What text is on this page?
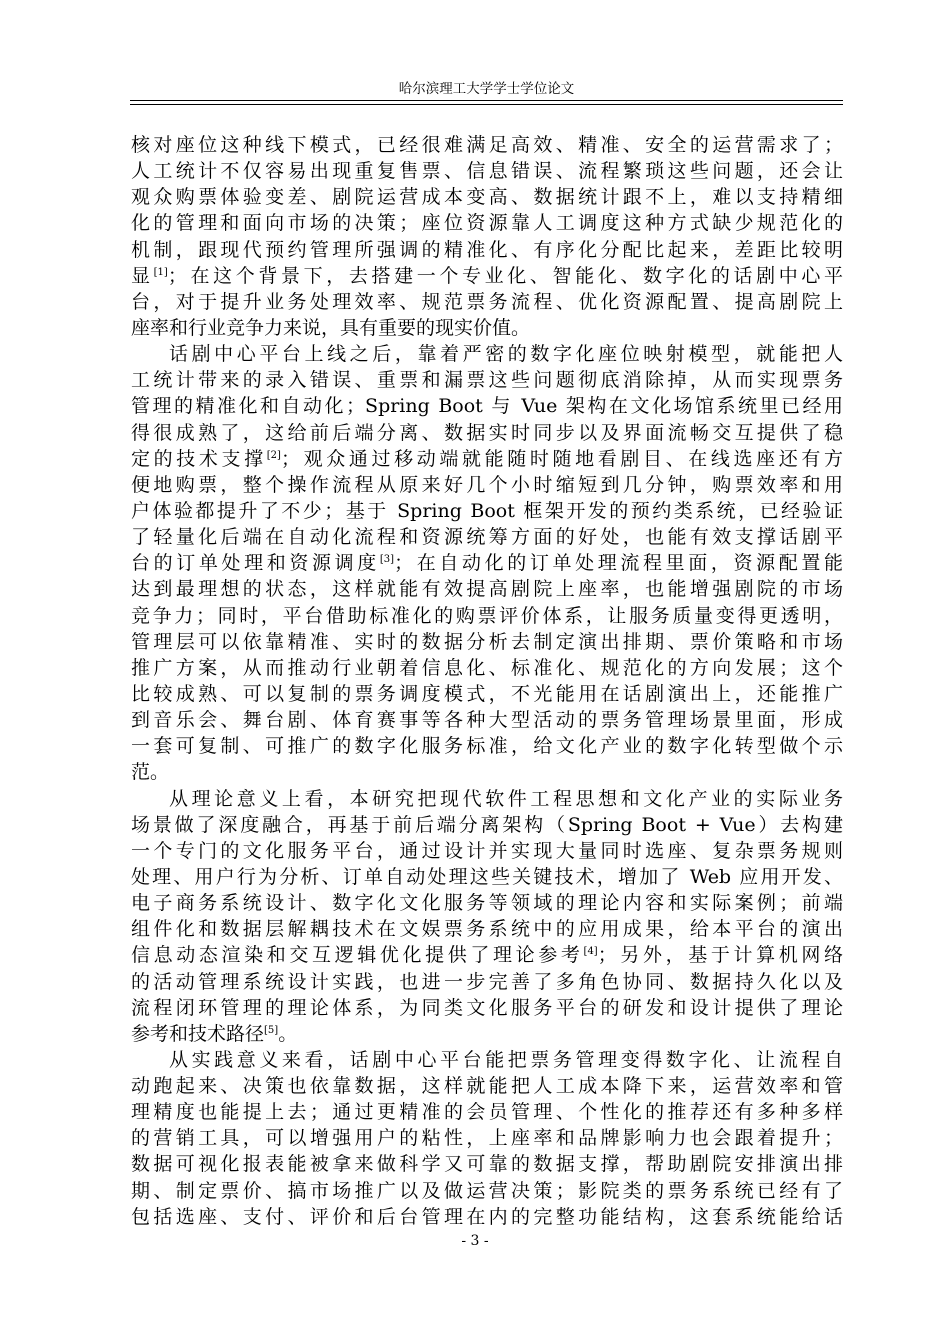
哈尔滨理工大学学士学位论文
核对座位这种线下模式，已经很难满足高效、精准、安全的运营需求了；
人工统计不仅容易出现重复售票、信息错误、流程繁琐这些问题，还会让
观众购票体验变差、剧院运营成本变高、数据统计跟不上，难以支持精细
化的管理和面向市场的决策；座位资源靠人工调度这种方式缺少规范化的
机制，跟现代预约管理所强调的精准化、有序化分配比起来，差距比较明
显[1]；在这个背景下，去搭建一个专业化、智能化、数字化的话剧中心平
台，对于提升业务处理效率、规范票务流程、优化资源配置、提高剧院上
座率和行业竞争力来说，具有重要的现实价值。
话剧中心平台上线之后，靠着严密的数字化座位映射模型，就能把人
工统计带来的录入错误、重票和漏票这些问题彻底消除掉，从而实现票务
管理的精准化和自动化；Spring Boot 与 Vue 架构在文化场馆系统里已经用
得很成熟了，这给前后端分离、数据实时同步以及界面流畅交互提供了稳
定的技术支撑[2]；观众通过移动端就能随时随地看剧目、在线选座还有方
便地购票，整个操作流程从原来好几个小时缩短到几分钟，购票效率和用
户体验都提升了不少；基于 Spring Boot 框架开发的预约类系统，已经验证
了轻量化后端在自动化流程和资源统筹方面的好处，也能有效支撑话剧平
台的订单处理和资源调度[3]；在自动化的订单处理流程里面，资源配置能
达到最理想的状态，这样就能有效提高剧院上座率，也能增强剧院的市场
竞争力；同时，平台借助标准化的购票评价体系，让服务质量变得更透明，
管理层可以依靠精准、实时的数据分析去制定演出排期、票价策略和市场
推广方案，从而推动行业朝着信息化、标准化、规范化的方向发展；这个
比较成熟、可以复制的票务调度模式，不光能用在话剧演出上，还能推广
到音乐会、舞台剧、体育赛事等各种大型活动的票务管理场景里面，形成
一套可复制、可推广的数字化服务标准，给文化产业的数字化转型做个示
范。
从理论意义上看，本研究把现代软件工程思想和文化产业的实际业务
场景做了深度融合，再基于前后端分离架构（Spring Boot + Vue）去构建
一个专门的文化服务平台，通过设计并实现大量同时选座、复杂票务规则
处理、用户行为分析、订单自动处理这些关键技术，增加了 Web 应用开发、
电子商务系统设计、数字化文化服务等领域的理论内容和实际案例；前端
组件化和数据层解耦技术在文娱票务系统中的应用成果，给本平台的演出
信息动态渲染和交互逻辑优化提供了理论参考[4]；另外，基于计算机网络
的活动管理系统设计实践，也进一步完善了多角色协同、数据持久化以及
流程闭环管理的理论体系，为同类文化服务平台的研发和设计提供了理论
参考和技术路径[5]。
从实践意义来看，话剧中心平台能把票务管理变得数字化、让流程自
动跑起来、决策也依靠数据，这样就能把人工成本降下来，运营效率和管
理精度也能提上去；通过更精准的会员管理、个性化的推荐还有多种多样
的营销工具，可以增强用户的粘性，上座率和品牌影响力也会跟着提升；
数据可视化报表能被拿来做科学又可靠的数据支撑，帮助剧院安排演出排
期、制定票价、搞市场推广以及做运营决策；影院类的票务系统已经有了
包括选座、支付、评价和后台管理在内的完整功能结构，这套系统能给话
- 3 -
